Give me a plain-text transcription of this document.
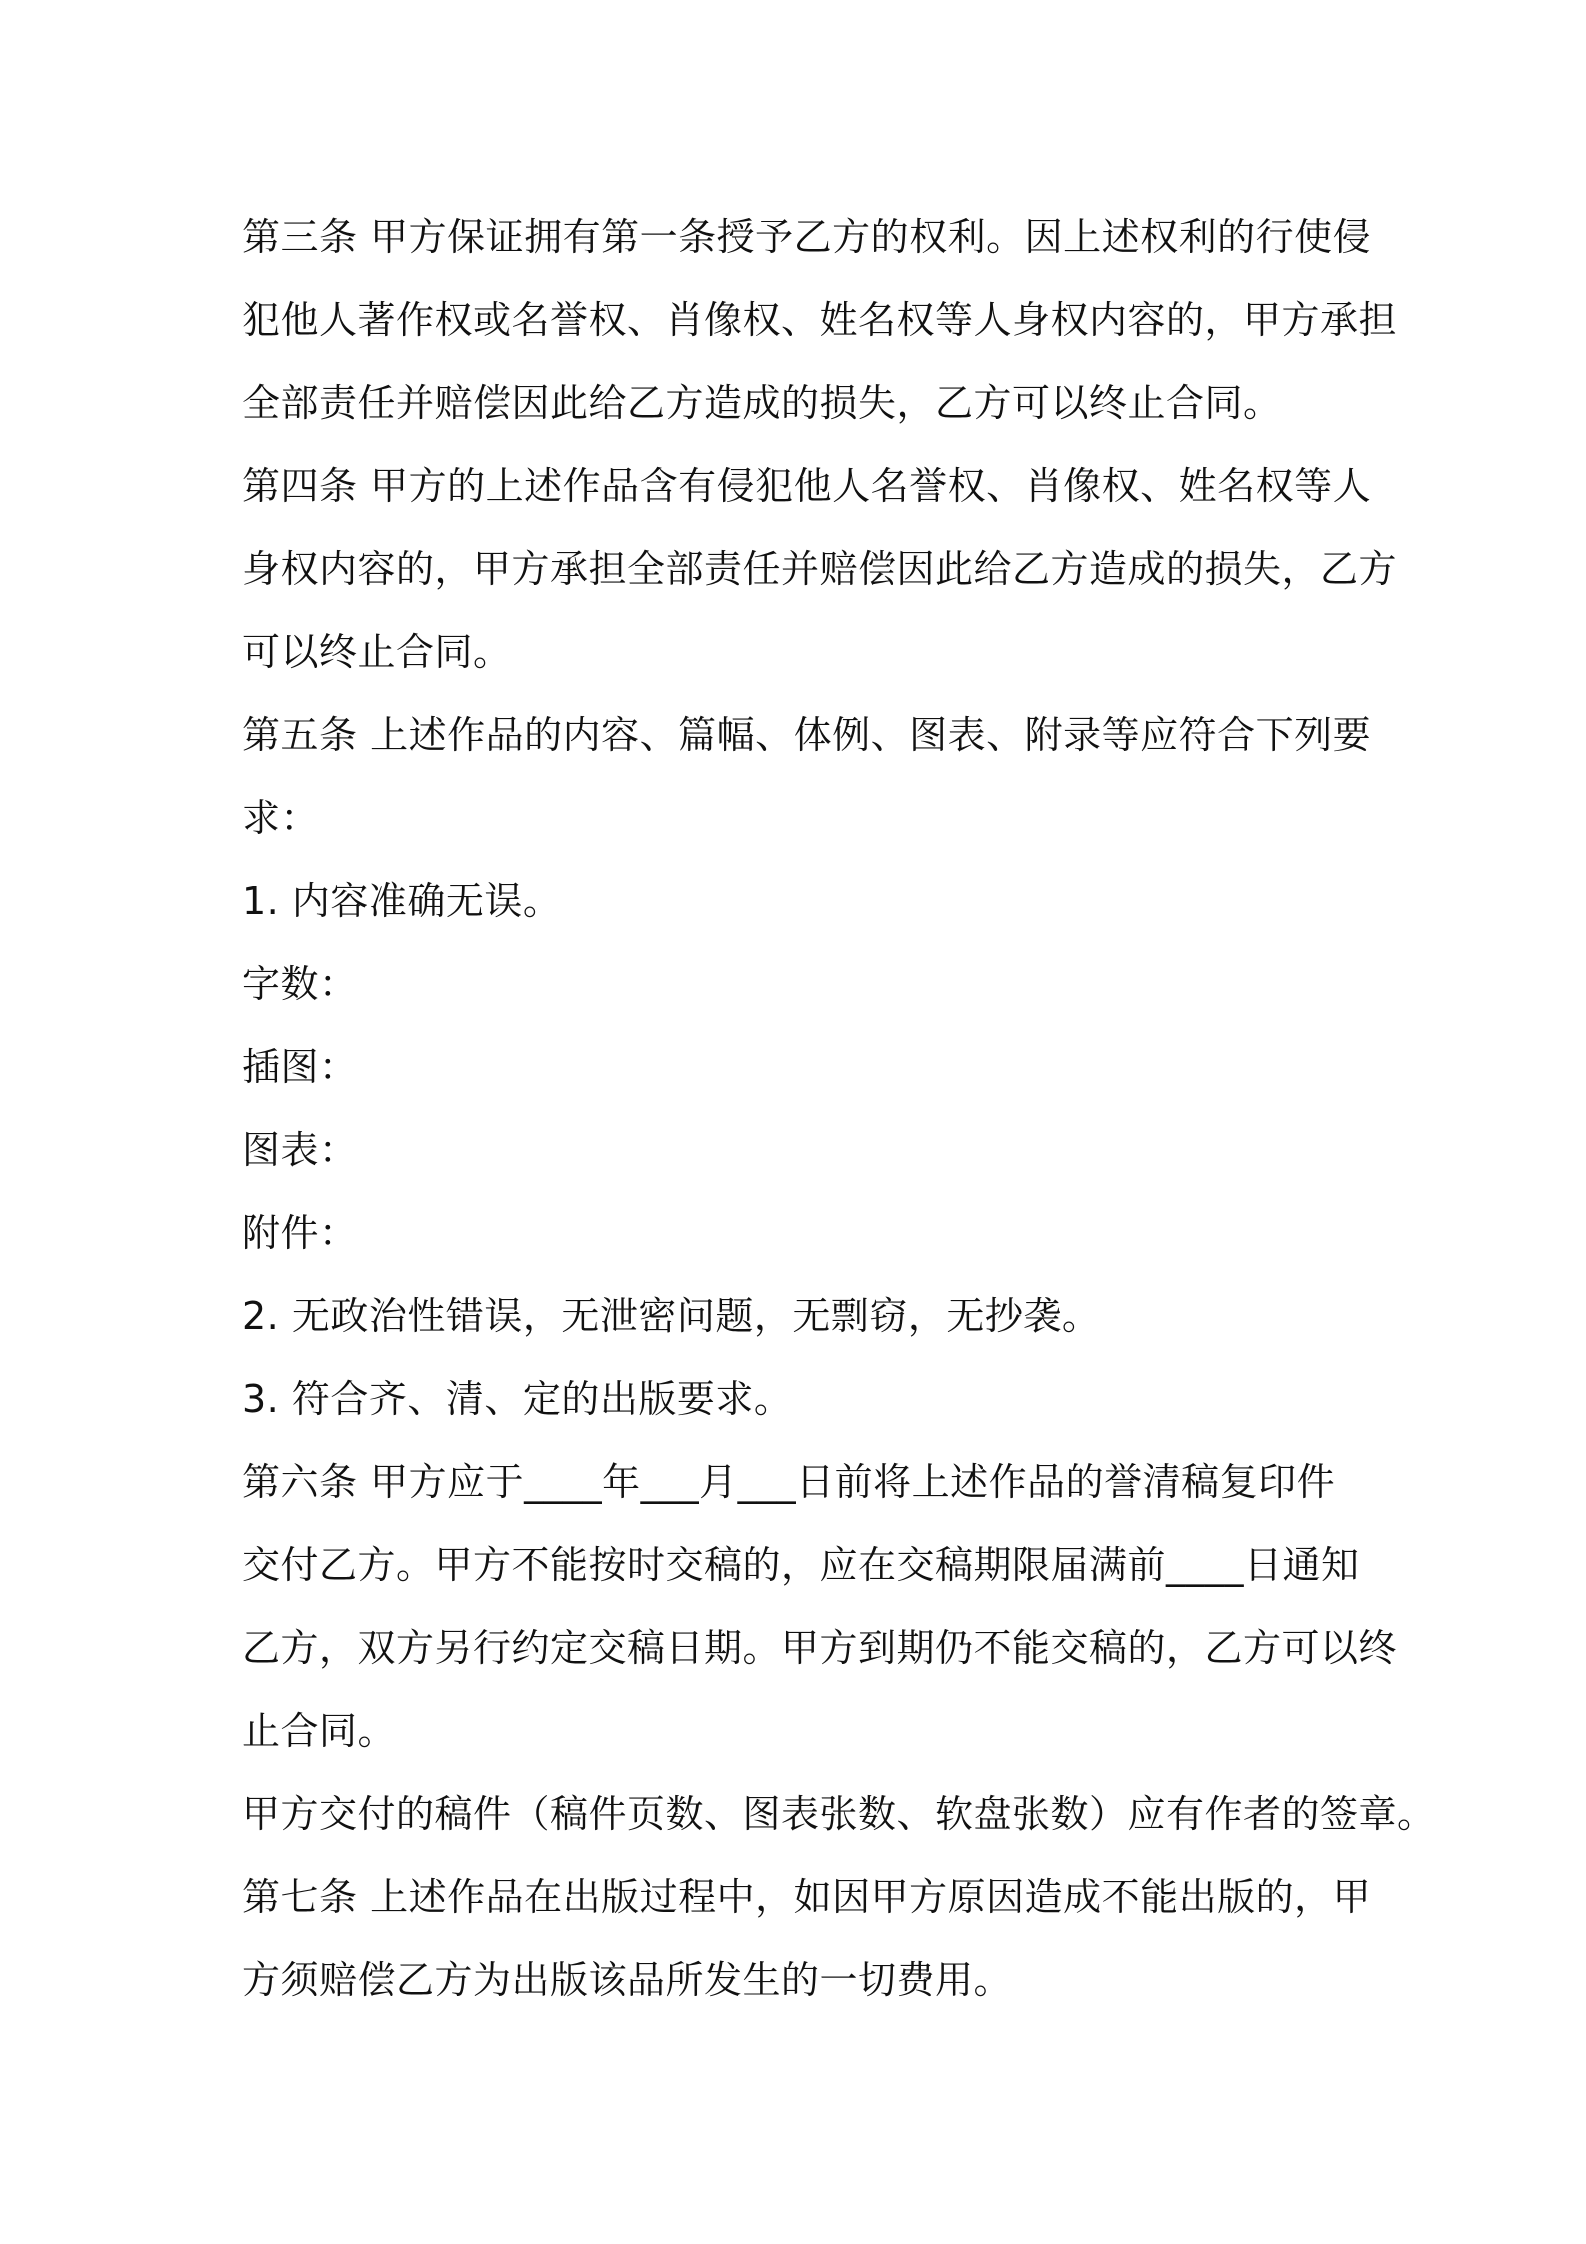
第三条 甲方保证拥有第一条授予乙方的权利。因上述权利的行使侵
犯他人著作权或名誉权、肖像权、姓名权等人身权内容的，甲方承担
全部责任并赔偿因此给乙方造成的损失，乙方可以终止合同。
第四条 甲方的上述作品含有侵犯他人名誉权、肖像权、姓名权等人
身权内容的，甲方承担全部责任并赔偿因此给乙方造成的损失，乙方
可以终止合同。
第五条 上述作品的内容、篇幅、体例、图表、附录等应符合下列要
求：
1. 内容准确无误。
字数：
插图：
图表：
附件：
2. 无政治性错误，无泄密问题，无剽窃，无抄袭。
3. 符合齐、清、定的出版要求。
第六条 甲方应于____年___月___日前将上述作品的誉清稿复印件
交付乙方。甲方不能按时交稿的，应在交稿期限届满前____日通知
乙方，双方另行约定交稿日期。甲方到期仍不能交稿的，乙方可以终
止合同。
甲方交付的稿件（稿件页数、图表张数、软盘张数）应有作者的签章。
第七条 上述作品在出版过程中，如因甲方原因造成不能出版的，甲
方须赔偿乙方为出版该品所发生的一切费用。
